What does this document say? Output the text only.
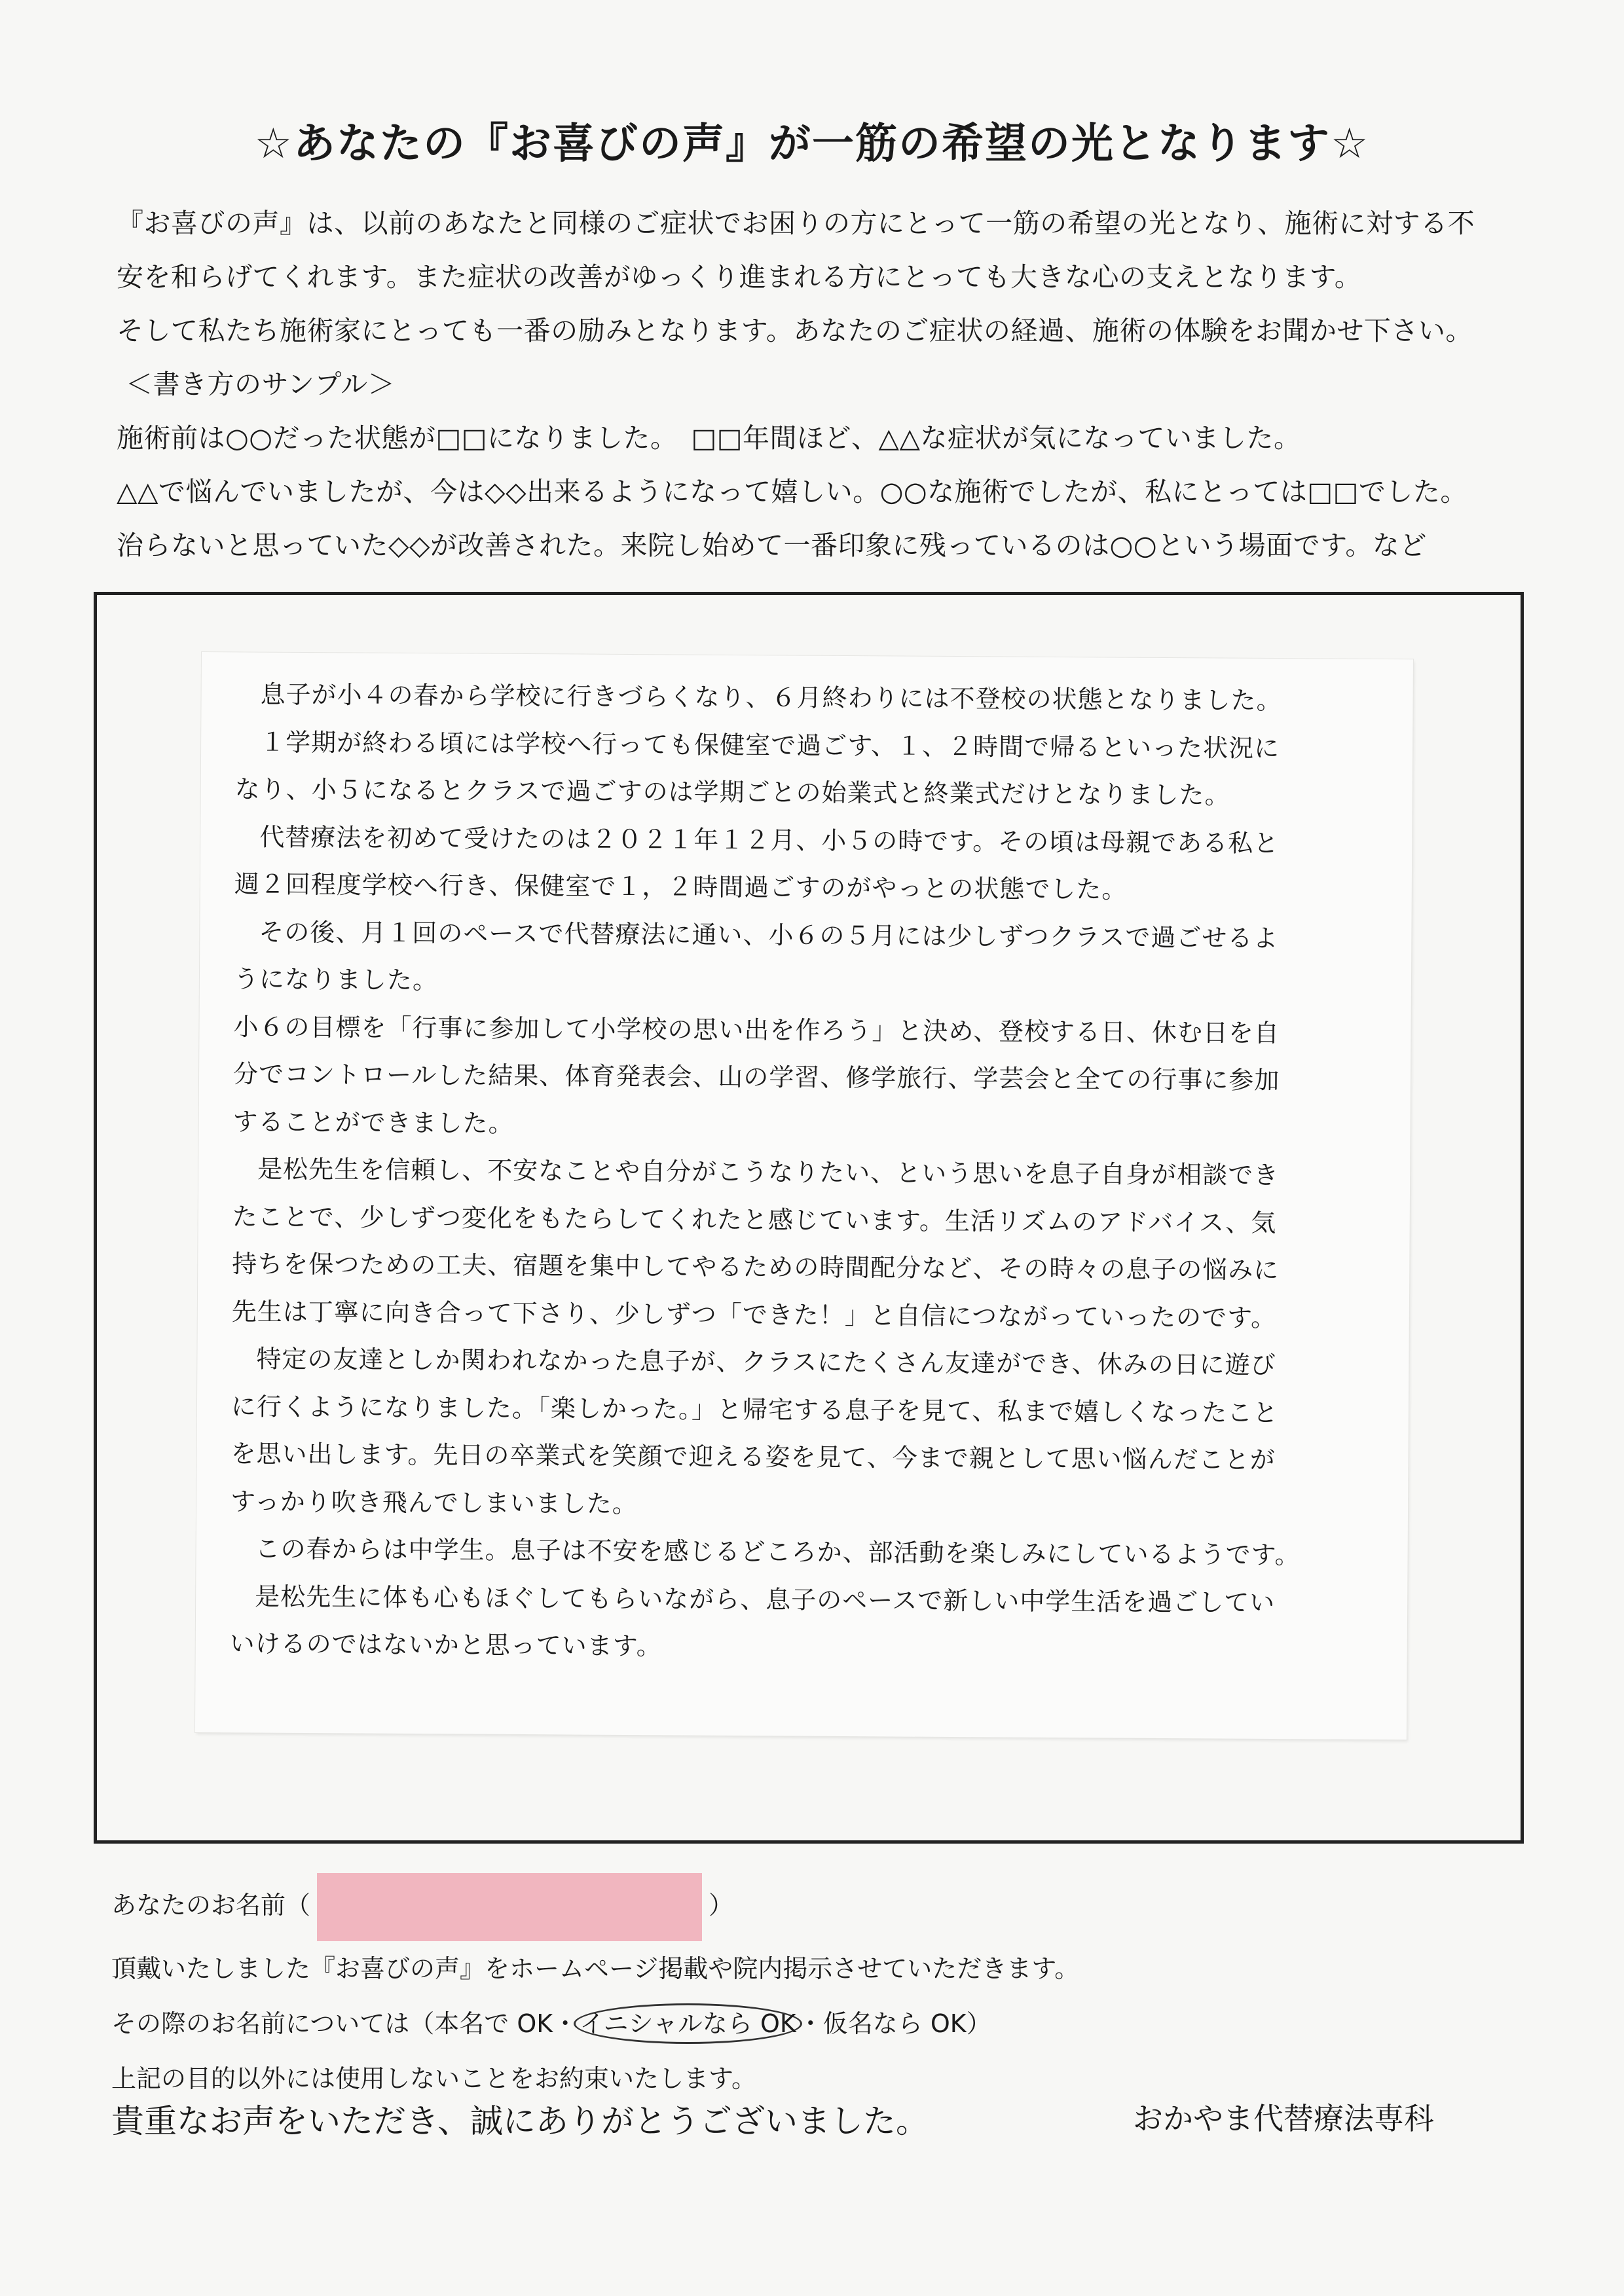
☆あなたの『お喜びの声』が一筋の希望の光となります☆

『お喜びの声』は、以前のあなたと同様のご症状でお困りの方にとって一筋の希望の光となり、施術に対する不

安を和らげてくれます。また症状の改善がゆっくり進まれる方にとっても大きな心の支えとなります。

そして私たち施術家にとっても一番の励みとなります。あなたのご症状の経過、施術の体験をお聞かせ下さい。

＜書き方のサンプル＞

施術前は○○だった状態が□□になりました。　□□年間ほど、△△な症状が気になっていました。

△△で悩んでいましたが、今は◇◇出来るようになって嬉しい。○○な施術でしたが、私にとっては□□でした。

治らないと思っていた◇◇が改善された。来院し始めて一番印象に残っているのは○○という場面です。など

息子が小４の春から学校に行きづらくなり、６月終わりには不登校の状態となりました。

１学期が終わる頃には学校へ行っても保健室で過ごす、１、２時間で帰るといった状況に

なり、小５になるとクラスで過ごすのは学期ごとの始業式と終業式だけとなりました。

代替療法を初めて受けたのは２０２１年１２月、小５の時です。その頃は母親である私と

週２回程度学校へ行き、保健室で１，２時間過ごすのがやっとの状態でした。

その後、月１回のペースで代替療法に通い、小６の５月には少しずつクラスで過ごせるよ

うになりました。

小６の目標を「行事に参加して小学校の思い出を作ろう」と決め、登校する日、休む日を自

分でコントロールした結果、体育発表会、山の学習、修学旅行、学芸会と全ての行事に参加

することができました。

是松先生を信頼し、不安なことや自分がこうなりたい、という思いを息子自身が相談でき

たことで、少しずつ変化をもたらしてくれたと感じています。生活リズムのアドバイス、気

持ちを保つための工夫、宿題を集中してやるための時間配分など、その時々の息子の悩みに

先生は丁寧に向き合って下さり、少しずつ「できた！」と自信につながっていったのです。

特定の友達としか関われなかった息子が、クラスにたくさん友達ができ、休みの日に遊び

に行くようになりました。「楽しかった。」と帰宅する息子を見て、私まで嬉しくなったこと

を思い出します。先日の卒業式を笑顔で迎える姿を見て、今まで親として思い悩んだことが

すっかり吹き飛んでしまいました。

この春からは中学生。息子は不安を感じるどころか、部活動を楽しみにしているようです。

是松先生に体も心もほぐしてもらいながら、息子のペースで新しい中学生活を過ごしてい

いけるのではないかと思っています。

あなたのお名前（	）
頂戴いたしました『お喜びの声』をホームページ掲載や院内掲示させていただきます。
その際のお名前については（本名で OK・イニシャルなら OK・仮名なら OK）
上記の目的以外には使用しないことをお約束いたします。
貴重なお声をいただき、誠にありがとうございました。	おかやま代替療法専科
